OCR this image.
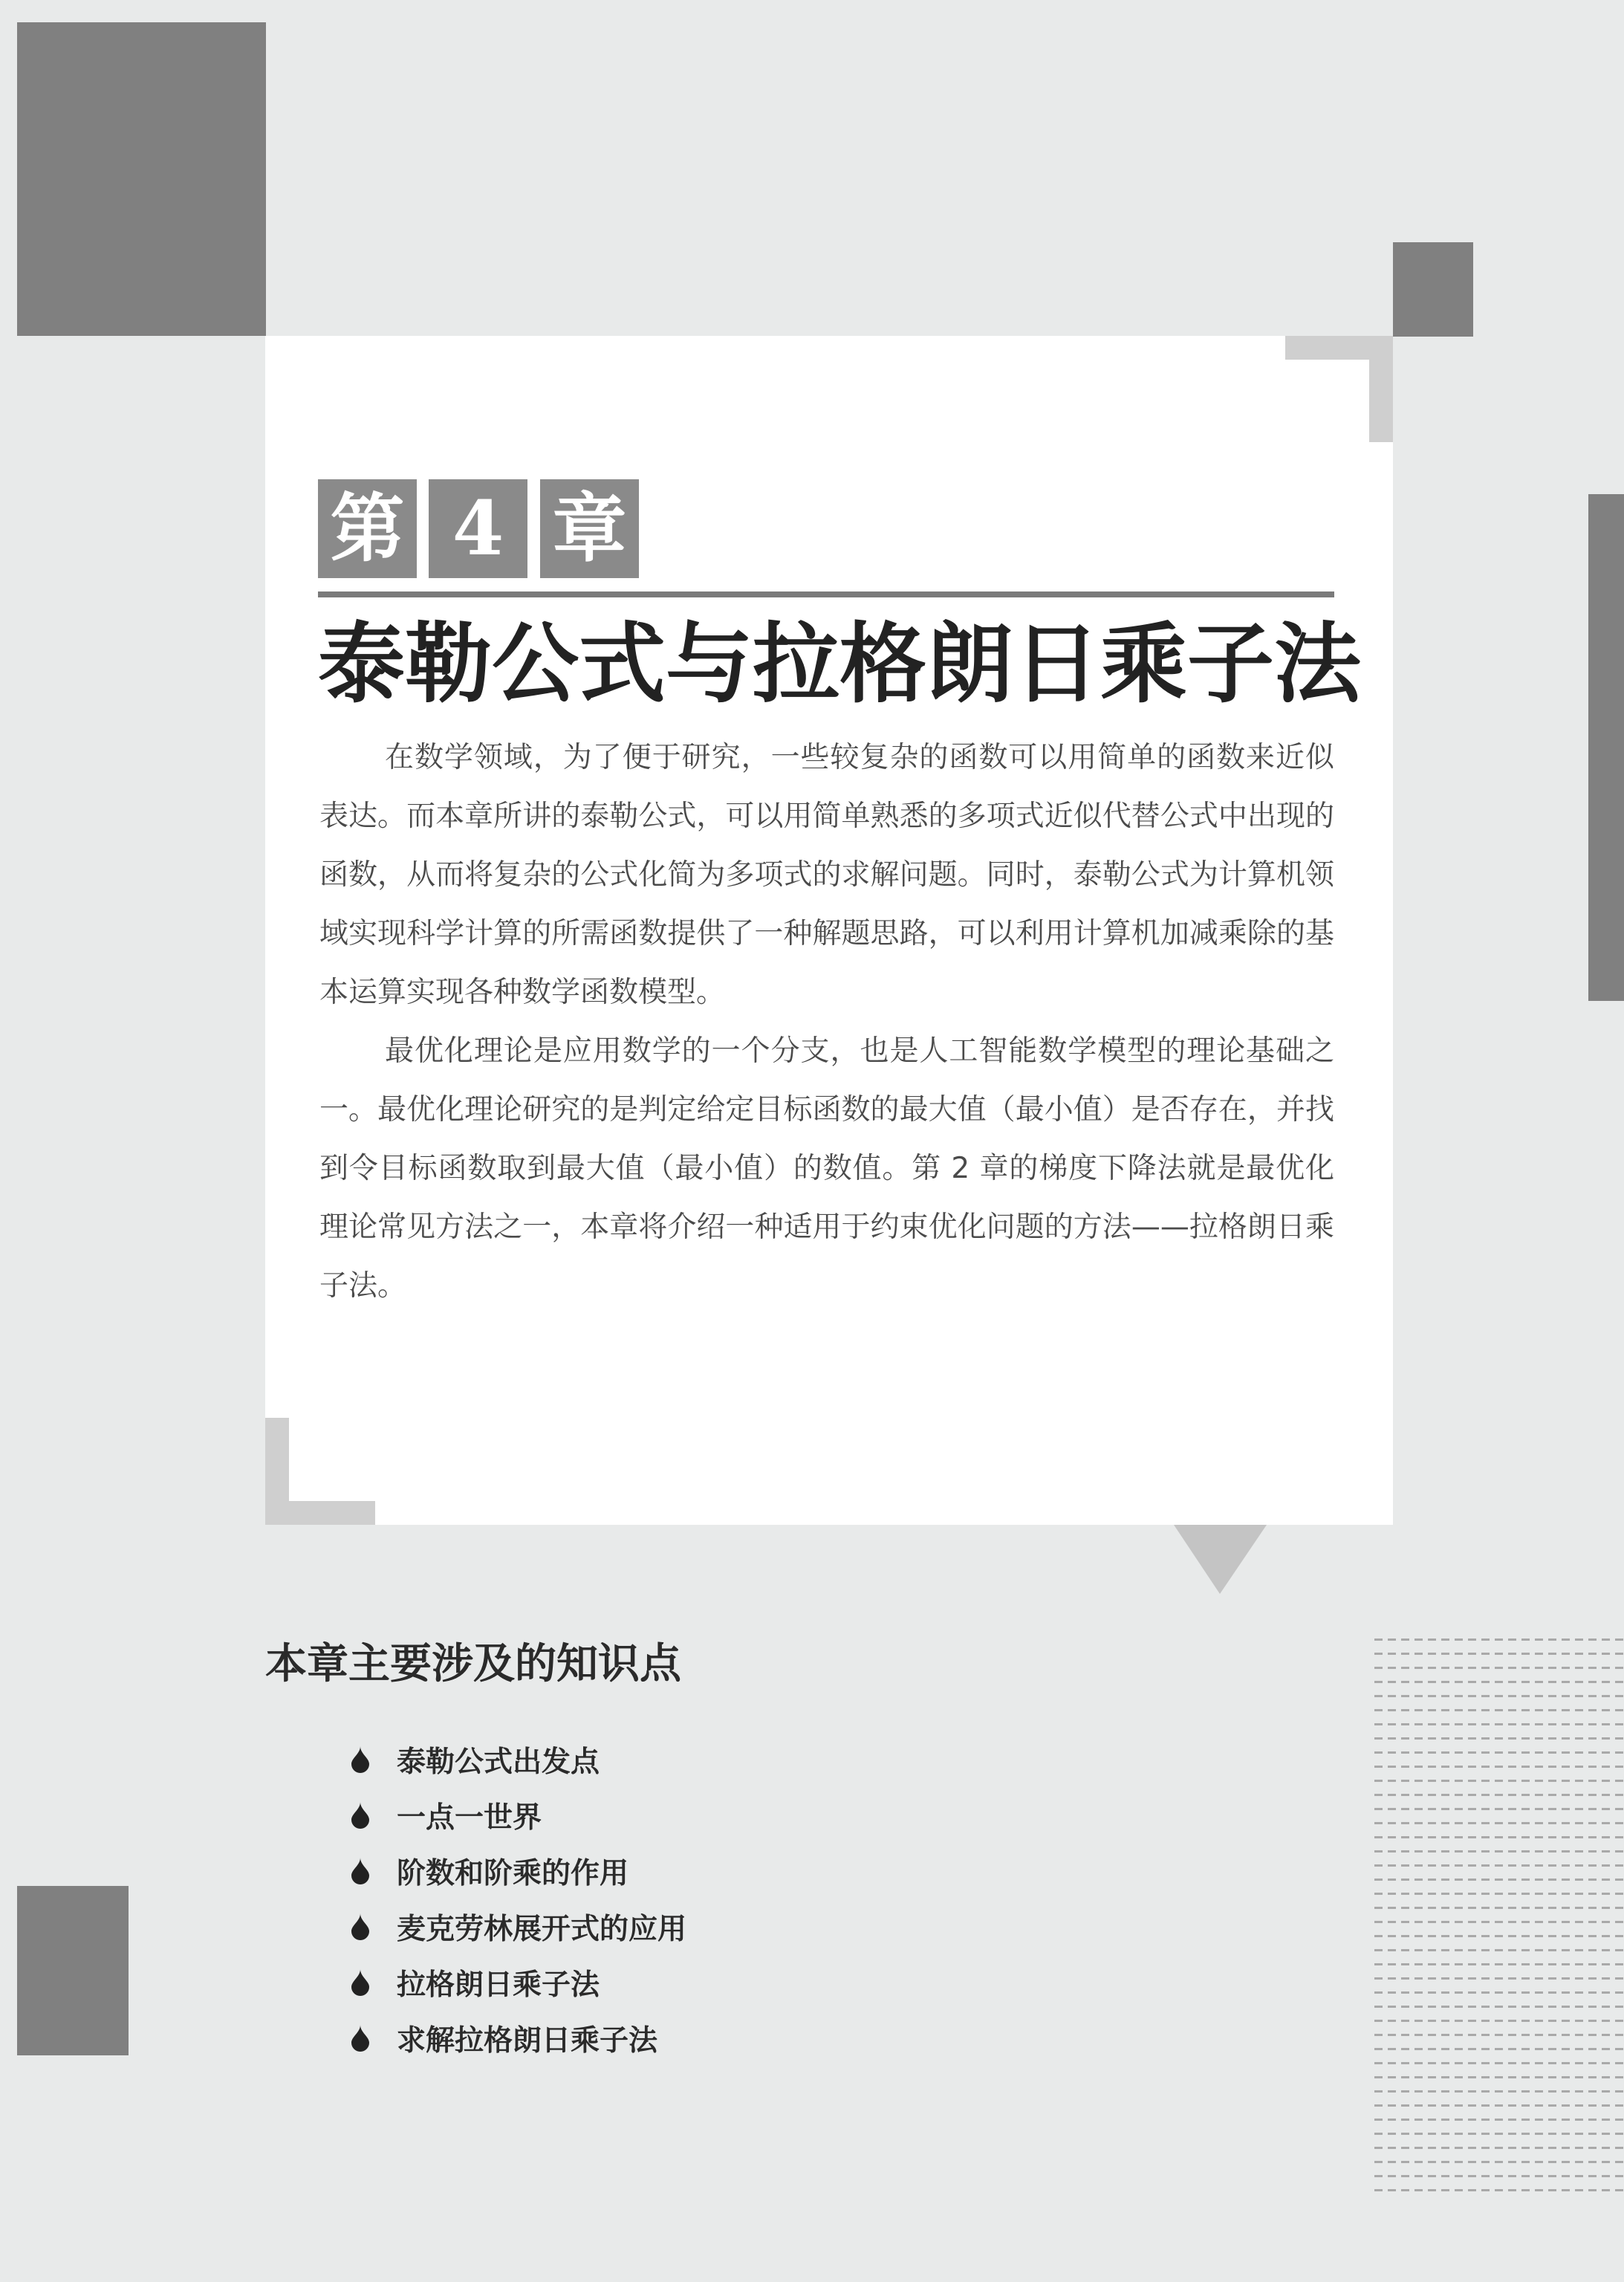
第 4 章
泰勒公式与拉格朗日乘子法

在数学领域，为了便于研究，一些较复杂的函数可以用简单的函数来近似表达。而本章所讲的泰勒公式，可以用简单熟悉的多项式近似代替公式中出现的函数，从而将复杂的公式化简为多项式的求解问题。同时，泰勒公式为计算机领域实现科学计算的所需函数提供了一种解题思路，可以利用计算机加减乘除的基本运算实现各种数学函数模型。

最优化理论是应用数学的一个分支，也是人工智能数学模型的理论基础之一。最优化理论研究的是判定给定目标函数的最大值（最小值）是否存在，并找到令目标函数取到最大值（最小值）的数值。第 2 章的梯度下降法就是最优化理论常见方法之一，本章将介绍一种适用于约束优化问题的方法——拉格朗日乘子法。

本章主要涉及的知识点
泰勒公式出发点
一点一世界
阶数和阶乘的作用
麦克劳林展开式的应用
拉格朗日乘子法
求解拉格朗日乘子法
